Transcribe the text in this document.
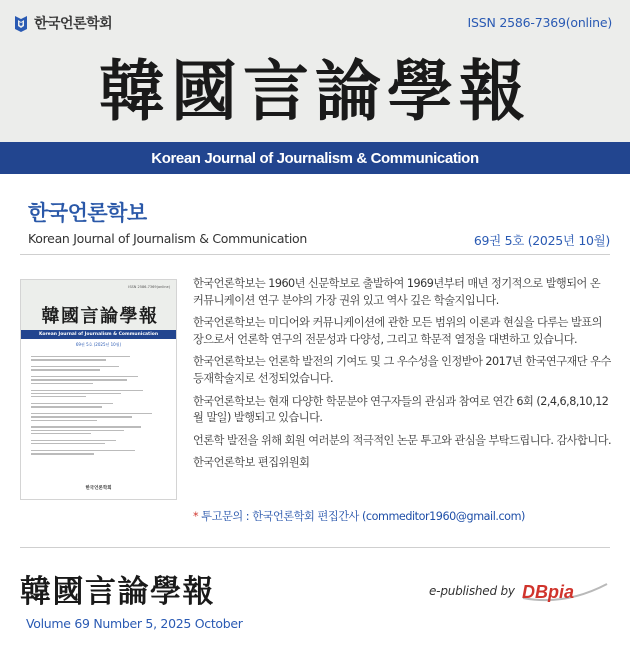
한국언론학회	ISSN 2586-7369(online)
韓國言論學報
Korean Journal of Journalism & Communication
한국언론학보
Korean Journal of Journalism & Communication	69권 5호 (2025년 10월)
ISSN 2586-7369(online)
韓國言論學報
Korean Journal of Journalism & Communication
69권 5호 (2025년 10월)
한국언론학회

한국언론학보는 1960년 신문학보로 출발하여 1969년부터 매년 정기적으로 발행되어 온 커뮤니케이션 연구 분야의 가장 권위 있고 역사 깊은 학술지입니다.

한국언론학보는 미디어와 커뮤니케이션에 관한 모든 범위의 이론과 현실을 다루는 발표의 장으로서 언론학 연구의 전문성과 다양성, 그리고 학문적 열정을 대변하고 있습니다.

한국언론학보는 언론학 발전의 기여도 및 그 우수성을 인정받아 2017년 한국연구재단 우수등재학술지로 선정되었습니다.

한국언론학보는 현재 다양한 학문분야 연구자들의 관심과 참여로 연간 6회 (2,4,6,8,10,12월 말일) 발행되고 있습니다.

언론학 발전을 위해 회원 여러분의 적극적인 논문 투고와 관심을 부탁드립니다. 감사합니다.

한국언론학보 편집위원회

* 투고문의 : 한국언론학회 편집간사 (commeditor1960@gmail.com)
韓國言論學報	e-published by DBpia
Volume 69 Number 5, 2025 October
